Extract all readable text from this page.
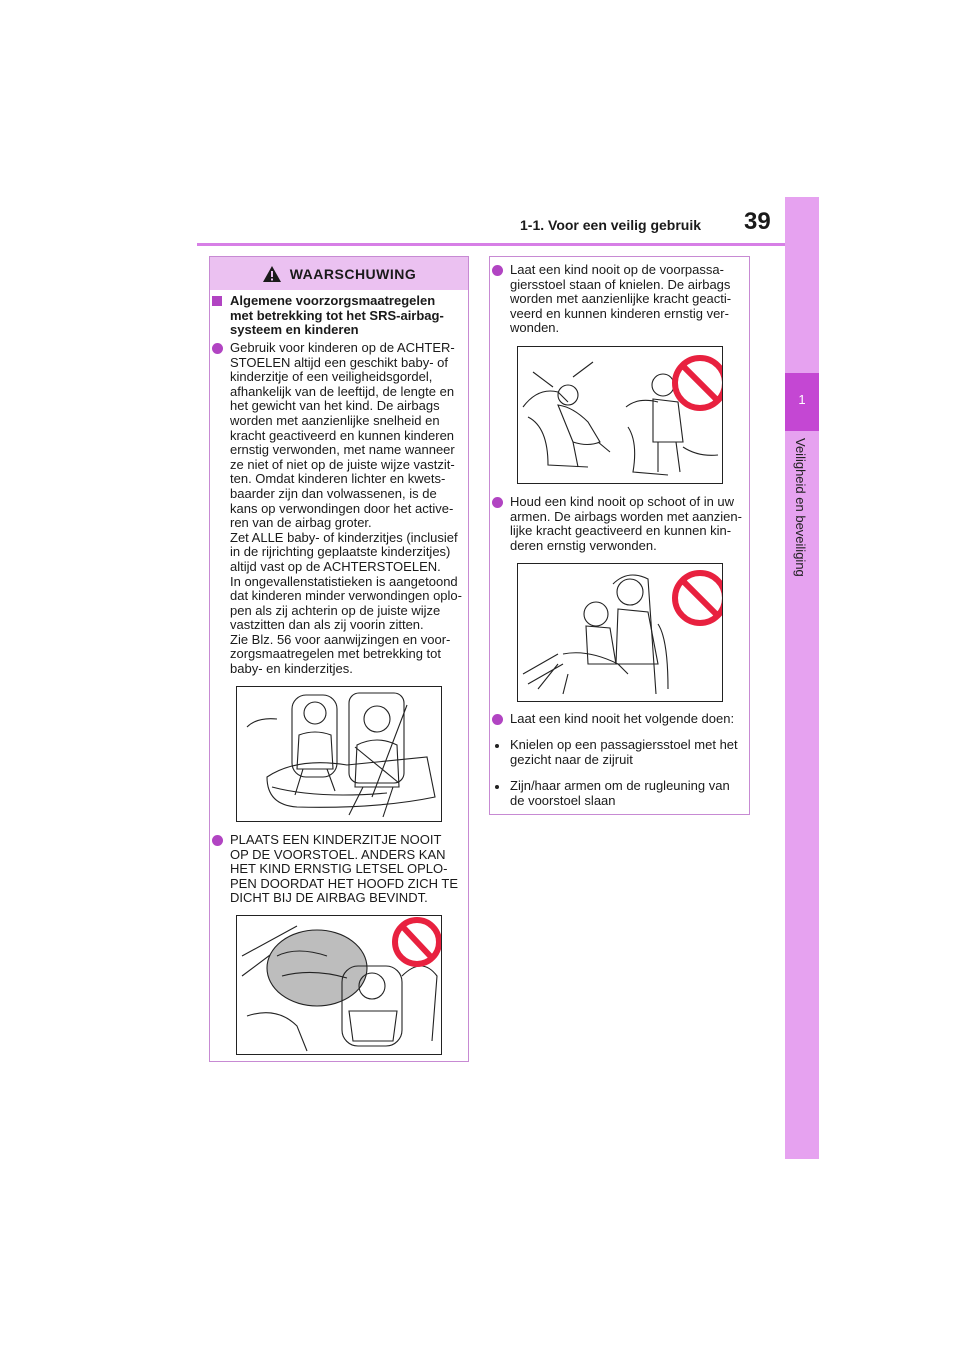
1-1. Voor een veilig gebruik 39
1
Veiligheid en beveiliging
WAARSCHUWING
Algemene voorzorgsmaatregelen
met betrekking tot het SRS-airbag-
systeem en kinderen
Gebruik voor kinderen op de ACHTER-
STOELEN altijd een geschikt baby- of
kinderzitje of een veiligheidsgordel,
afhankelijk van de leeftijd, de lengte en
het gewicht van het kind. De airbags
worden met aanzienlijke snelheid en
kracht geactiveerd en kunnen kinderen
ernstig verwonden, met name wanneer
ze niet of niet op de juiste wijze vastzit-
ten. Omdat kinderen lichter en kwets-
baarder zijn dan volwassenen, is de
kans op verwondingen door het active-
ren van de airbag groter.
Zet ALLE baby- of kinderzitjes (inclusief
in de rijrichting geplaatste kinderzitjes)
altijd vast op de ACHTERSTOELEN.
In ongevallenstatistieken is aangetoond
dat kinderen minder verwondingen oplo-
pen als zij achterin op de juiste wijze
vastzitten dan als zij voorin zitten.
Zie Blz. 56 voor aanwijzingen en voor-
zorgsmaatregelen met betrekking tot
baby- en kinderzitjes.
PLAATS EEN KINDERZITJE NOOIT
OP DE VOORSTOEL. ANDERS KAN
HET KIND ERNSTIG LETSEL OPLO-
PEN DOORDAT HET HOOFD ZICH TE
DICHT BIJ DE AIRBAG BEVINDT.
Laat een kind nooit op de voorpassa-
giersstoel staan of knielen. De airbags
worden met aanzienlijke kracht geacti-
veerd en kunnen kinderen ernstig ver-
wonden.
Houd een kind nooit op schoot of in uw
armen. De airbags worden met aanzien-
lijke kracht geactiveerd en kunnen kin-
deren ernstig verwonden.
Laat een kind nooit het volgende doen:
Knielen op een passagiersstoel met het
gezicht naar de zijruit
Zijn/haar armen om de rugleuning van
de voorstoel slaan
